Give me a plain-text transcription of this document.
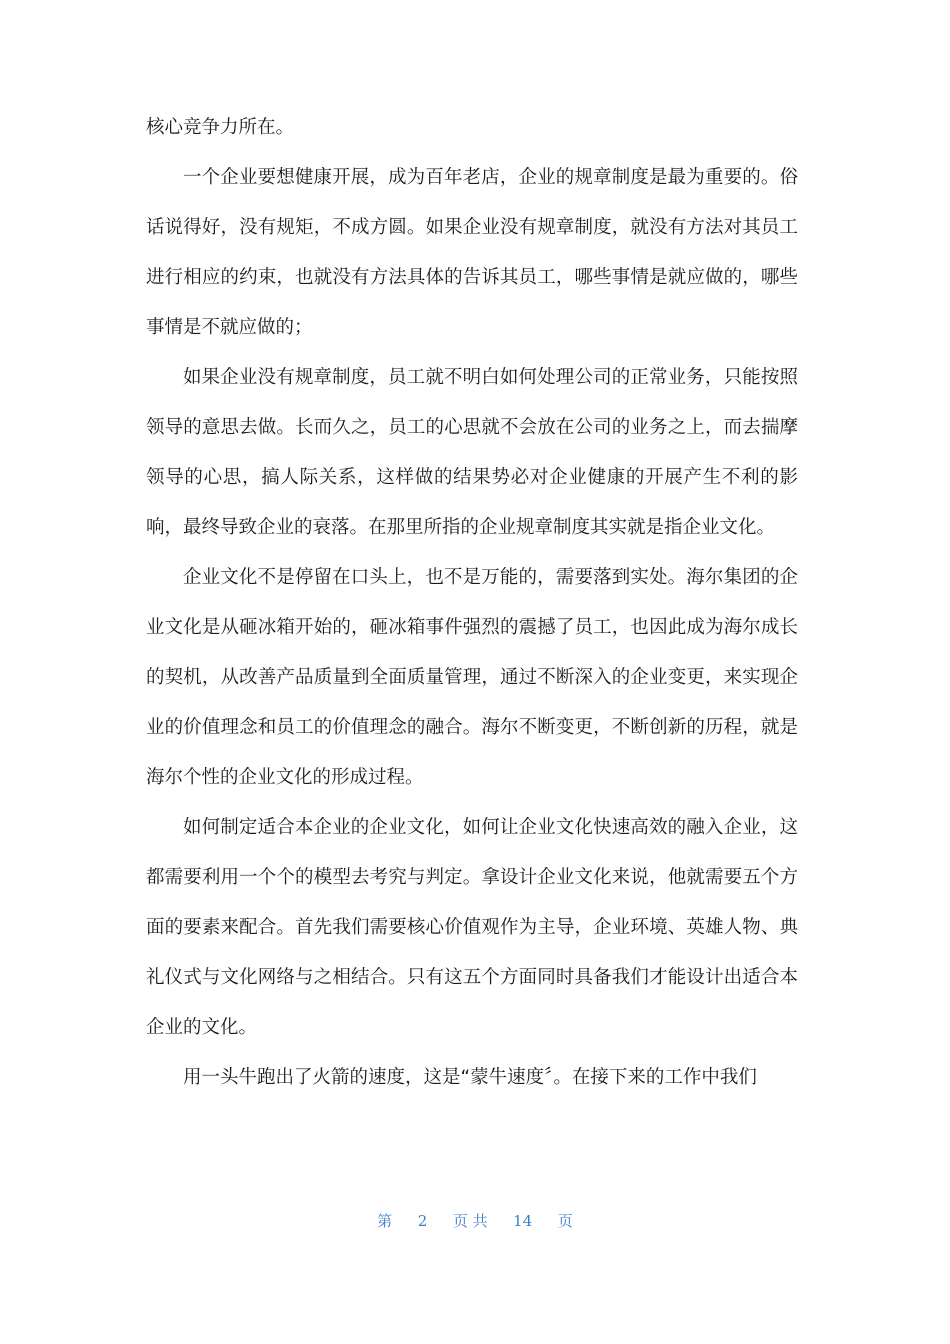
核心竞争力所在。

一个企业要想健康开展，成为百年老店，企业的规章制度是最为重要的。俗话说得好，没有规矩，不成方圆。如果企业没有规章制度，就没有方法对其员工进行相应的约束，也就没有方法具体的告诉其员工，哪些事情是就应做的，哪些事情是不就应做的；

如果企业没有规章制度，员工就不明白如何处理公司的正常业务，只能按照领导的意思去做。长而久之，员工的心思就不会放在公司的业务之上，而去揣摩领导的心思，搞人际关系，这样做的结果势必对企业健康的开展产生不利的影响，最终导致企业的衰落。在那里所指的企业规章制度其实就是指企业文化。

企业文化不是停留在口头上，也不是万能的，需要落到实处。海尔集团的企业文化是从砸冰箱开始的，砸冰箱事件强烈的震撼了员工，也因此成为海尔成长的契机，从改善产品质量到全面质量管理，通过不断深入的企业变更，来实现企业的价值理念和员工的价值理念的融合。海尔不断变更，不断创新的历程，就是海尔个性的企业文化的形成过程。

如何制定适合本企业的企业文化，如何让企业文化快速高效的融入企业，这都需要利用一个个的模型去考究与判定。拿设计企业文化来说，他就需要五个方面的要素来配合。首先我们需要核心价值观作为主导，企业环境、英雄人物、典礼仪式与文化网络与之相结合。只有这五个方面同时具备我们才能设计出适合本企业的文化。

用一头牛跑出了火箭的速度，这是“蒙牛速度〞。在接下来的工作中我们

第 2 页 共 14 页
